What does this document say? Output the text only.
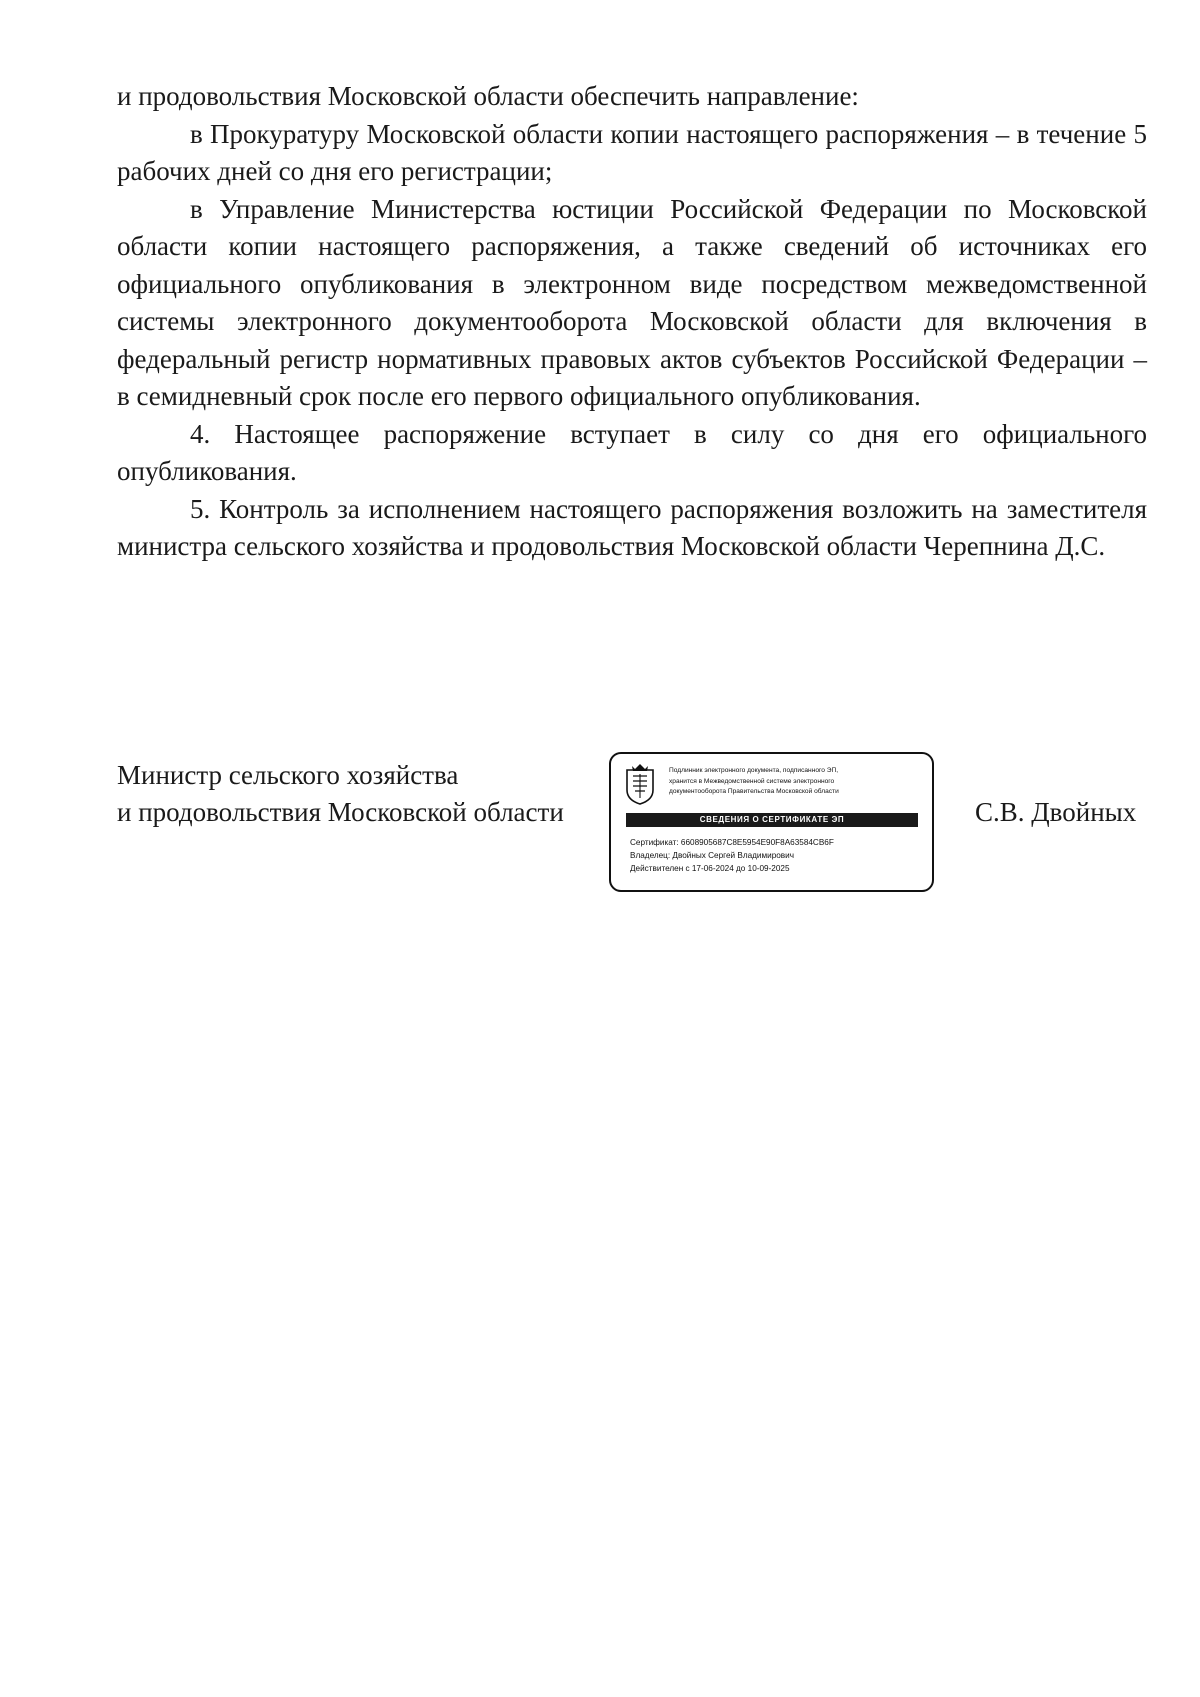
и продовольствия Московской области обеспечить направление:

в Прокуратуру Московской области копии настоящего распоряжения – в течение 5 рабочих дней со дня его регистрации;

в Управление Министерства юстиции Российской Федерации по Московской области копии настоящего распоряжения, а также сведений об источниках его официального опубликования в электронном виде посредством межведомственной системы электронного документооборота Московской области для включения в федеральный регистр нормативных правовых актов субъектов Российской Федерации – в семидневный срок после его первого официального опубликования.

4. Настоящее распоряжение вступает в силу со дня его официального опубликования.

5. Контроль за исполнением настоящего распоряжения возложить на заместителя министра сельского хозяйства и продовольствия Московской области Черепнина Д.С.

Министр сельского хозяйства
и продовольствия Московской области
Подлинник электронного документа, подписанного ЭП,
хранится в Межведомственной системе электронного
документооборота Правительства Московской области
СВЕДЕНИЯ О СЕРТИФИКАТЕ ЭП
Сертификат: 6608905687C8E5954E90F8A63584CB6F
Владелец: Двойных Сергей Владимирович
Действителен с 17-06-2024 до 10-09-2025
С.В. Двойных
